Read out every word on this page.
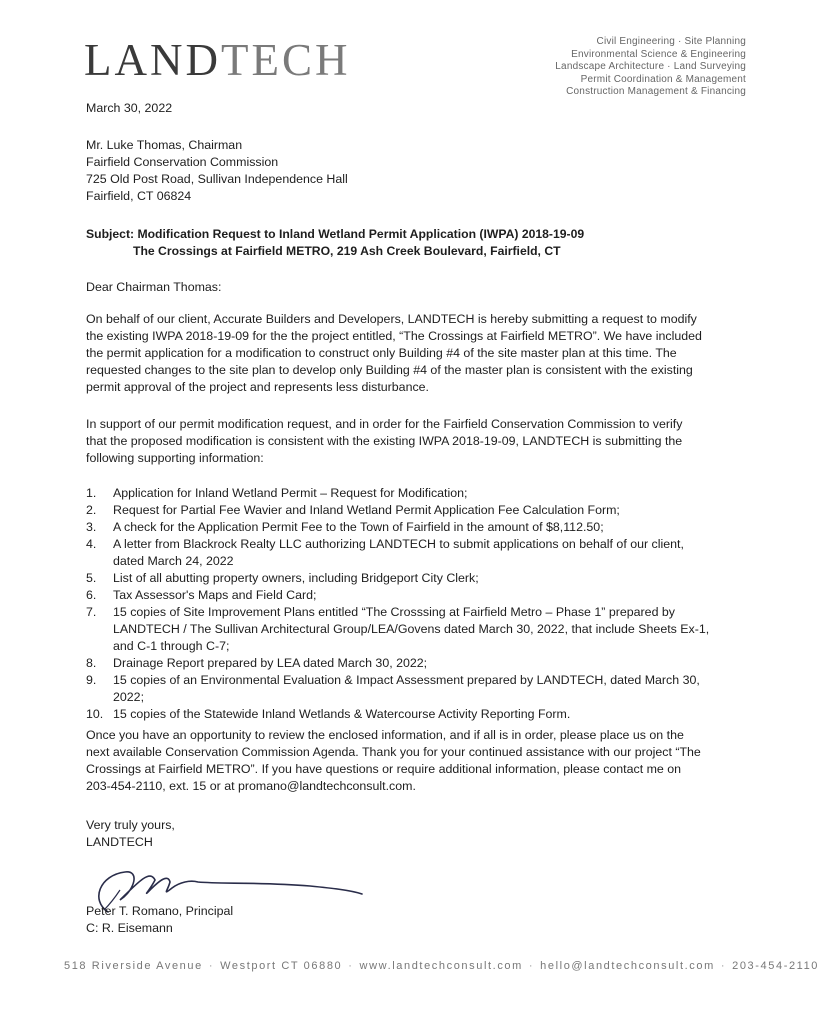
LANDTECH	Civil Engineering · Site Planning
Environmental Science & Engineering
Landscape Architecture · Land Surveying
Permit Coordination & Management
Construction Management & Financing
March 30, 2022
Mr. Luke Thomas, Chairman
Fairfield Conservation Commission
725 Old Post Road, Sullivan Independence Hall
Fairfield, CT 06824
Subject: Modification Request to Inland Wetland Permit Application (IWPA) 2018-19-09
The Crossings at Fairfield METRO, 219 Ash Creek Boulevard, Fairfield, CT
Dear Chairman Thomas:

On behalf of our client, Accurate Builders and Developers, LANDTECH is hereby submitting a request to modify the existing IWPA 2018-19-09 for the the project entitled, “The Crossings at Fairfield METRO”. We have included the permit application for a modification to construct only Building #4 of the site master plan at this time. The requested changes to the site plan to develop only Building #4 of the master plan is consistent with the existing permit approval of the project and represents less disturbance.

In support of our permit modification request, and in order for the Fairfield Conservation Commission to verify that the proposed modification is consistent with the existing IWPA 2018-19-09, LANDTECH is submitting the following supporting information:

1.	Application for Inland Wetland Permit – Request for Modification;
2.	Request for Partial Fee Wavier and Inland Wetland Permit Application Fee Calculation Form;
3.	A check for the Application Permit Fee to the Town of Fairfield in the amount of $8,112.50;
4.	A letter from Blackrock Realty LLC authorizing LANDTECH to submit applications on behalf of our client, dated March 24, 2022
5.	List of all abutting property owners, including Bridgeport City Clerk;
6.	Tax Assessor's Maps and Field Card;
7.	15 copies of Site Improvement Plans entitled “The Crosssing at Fairfield Metro – Phase 1” prepared by LANDTECH / The Sullivan Architectural Group/LEA/Govens dated March 30, 2022, that include Sheets Ex-1, and C-1 through C-7;
8.	Drainage Report prepared by LEA dated March 30, 2022;
9.	15 copies of an Environmental Evaluation & Impact Assessment prepared by LANDTECH, dated March 30, 2022;
10. 15 copies of the Statewide Inland Wetlands & Watercourse Activity Reporting Form.

Once you have an opportunity to review the enclosed information, and if all is in order, please place us on the next available Conservation Commission Agenda. Thank you for your continued assistance with our project “The Crossings at Fairfield METRO”. If you have questions or require additional information, please contact me on 203-454-2110, ext. 15 or at promano@landtechconsult.com.

Very truly yours,
LANDTECH
Peter T. Romano, Principal
C: R. Eisemann
518 Riverside Avenue · Westport CT 06880 · www.landtechconsult.com · hello@landtechconsult.com · 203-454-2110
